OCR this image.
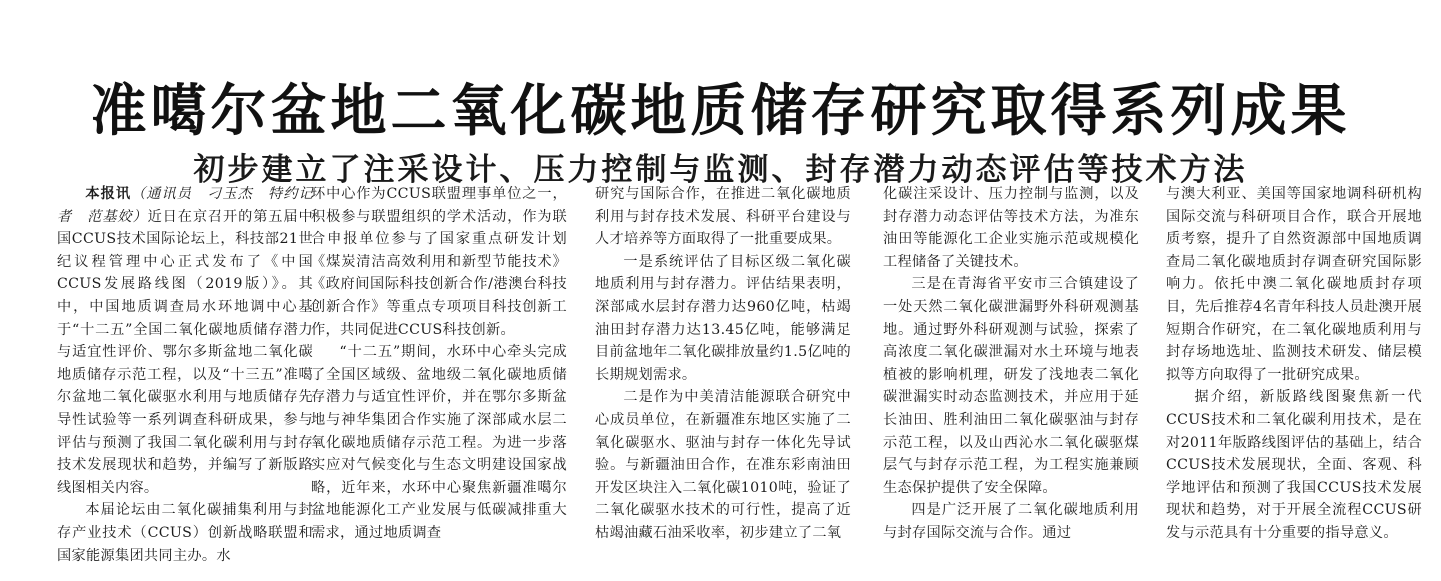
准噶尔盆地二氧化碳地质储存研究取得系列成果
初步建立了注采设计、压力控制与监测、封存潜力动态评估等技术方法

本报讯（通讯员　刁玉杰　特约记者　范基姣）近日在京召开的第五届中国CCUS技术国际论坛上，科技部21世纪议程管理中心正式发布了《中国CCUS发展路线图（2019版）》。其中，中国地质调查局水环地调中心基于“十二五”全国二氧化碳地质储存潜力与适宜性评价、鄂尔多斯盆地二氧化碳地质储存示范工程，以及“十三五”准噶尔盆地二氧化碳驱水利用与地质储存先导性试验等一系列调查科研成果，参与评估与预测了我国二氧化碳利用与封存技术发展现状和趋势，并编写了新版路线图相关内容。

本届论坛由二氧化碳捕集利用与封存产业技术（CCUS）创新战略联盟和国家能源集团共同主办。水

环中心作为CCUS联盟理事单位之一，积极参与联盟组织的学术活动，作为联合申报单位参与了国家重点研发计划《煤炭清洁高效利用和新型节能技术》《政府间国际科技创新合作/港澳台科技创新合作》等重点专项项目科技创新工作，共同促进CCUS科技创新。

“十二五”期间，水环中心牵头完成了全国区域级、盆地级二氧化碳地质储存潜力与适宜性评价，并在鄂尔多斯盆地与神华集团合作实施了深部咸水层二氧化碳地质储存示范工程。为进一步落实应对气候变化与生态文明建设国家战略，近年来，水环中心聚焦新疆准噶尔盆地能源化工产业发展与低碳减排重大需求，通过地质调查

研究与国际合作，在推进二氧化碳地质利用与封存技术发展、科研平台建设与人才培养等方面取得了一批重要成果。

一是系统评估了目标区级二氧化碳地质利用与封存潜力。评估结果表明，深部咸水层封存潜力达960亿吨，枯竭油田封存潜力达13.45亿吨，能够满足目前盆地年二氧化碳排放量约1.5亿吨的长期规划需求。

二是作为中美清洁能源联合研究中心成员单位，在新疆准东地区实施了二氧化碳驱水、驱油与封存一体化先导试验。与新疆油田合作，在准东彩南油田开发区块注入二氧化碳1010吨，验证了二氧化碳驱水技术的可行性，提高了近枯竭油藏石油采收率，初步建立了二氧

化碳注采设计、压力控制与监测，以及封存潜力动态评估等技术方法，为准东油田等能源化工企业实施示范或规模化工程储备了关键技术。

三是在青海省平安市三合镇建设了一处天然二氧化碳泄漏野外科研观测基地。通过野外科研观测与试验，探索了高浓度二氧化碳泄漏对水土环境与地表植被的影响机理，研发了浅地表二氧化碳泄漏实时动态监测技术，并应用于延长油田、胜利油田二氧化碳驱油与封存示范工程，以及山西沁水二氧化碳驱煤层气与封存示范工程，为工程实施兼顾生态保护提供了安全保障。

四是广泛开展了二氧化碳地质利用与封存国际交流与合作。通过

与澳大利亚、美国等国家地调科研机构国际交流与科研项目合作，联合开展地质考察，提升了自然资源部中国地质调查局二氧化碳地质封存调查研究国际影响力。依托中澳二氧化碳地质封存项目，先后推荐4名青年科技人员赴澳开展短期合作研究，在二氧化碳地质利用与封存场地选址、监测技术研发、储层模拟等方向取得了一批研究成果。

据介绍，新版路线图聚焦新一代CCUS技术和二氧化碳利用技术，是在对2011年版路线图评估的基础上，结合CCUS技术发展现状，全面、客观、科学地评估和预测了我国CCUS技术发展现状和趋势，对于开展全流程CCUS研发与示范具有十分重要的指导意义。
